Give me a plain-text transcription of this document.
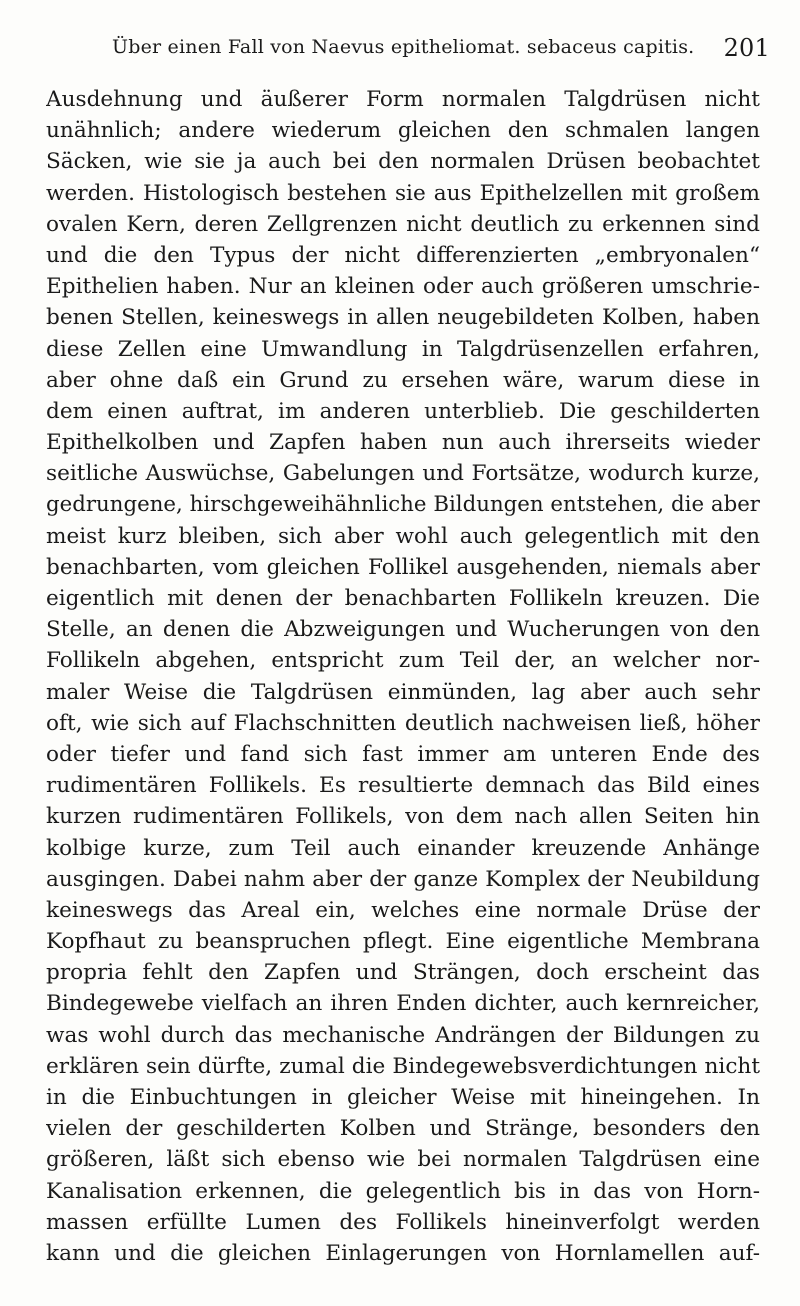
Über einen Fall von Naevus epitheliomat. sebaceus capitis. 201
Ausdehnung und äußerer Form normalen Talgdrüsen nicht
unähnlich; andere wiederum gleichen den schmalen langen
Säcken, wie sie ja auch bei den normalen Drüsen beobachtet
werden. Histologisch bestehen sie aus Epithelzellen mit großem
ovalen Kern, deren Zellgrenzen nicht deutlich zu erkennen sind
und die den Typus der nicht differenzierten „embryonalen“
Epithelien haben. Nur an kleinen oder auch größeren umschrie-
benen Stellen, keineswegs in allen neugebildeten Kolben, haben
diese Zellen eine Umwandlung in Talgdrüsenzellen erfahren,
aber ohne daß ein Grund zu ersehen wäre, warum diese in
dem einen auftrat, im anderen unterblieb. Die geschilderten
Epithelkolben und Zapfen haben nun auch ihrerseits wieder
seitliche Auswüchse, Gabelungen und Fortsätze, wodurch kurze,
gedrungene, hirschgeweihähnliche Bildungen entstehen, die aber
meist kurz bleiben, sich aber wohl auch gelegentlich mit den
benachbarten, vom gleichen Follikel ausgehenden, niemals aber
eigentlich mit denen der benachbarten Follikeln kreuzen. Die
Stelle, an denen die Abzweigungen und Wucherungen von den
Follikeln abgehen, entspricht zum Teil der, an welcher nor-
maler Weise die Talgdrüsen einmünden, lag aber auch sehr
oft, wie sich auf Flachschnitten deutlich nachweisen ließ, höher
oder tiefer und fand sich fast immer am unteren Ende des
rudimentären Follikels. Es resultierte demnach das Bild eines
kurzen rudimentären Follikels, von dem nach allen Seiten hin
kolbige kurze, zum Teil auch einander kreuzende Anhänge
ausgingen. Dabei nahm aber der ganze Komplex der Neubildung
keineswegs das Areal ein, welches eine normale Drüse der
Kopfhaut zu beanspruchen pflegt. Eine eigentliche Membrana
propria fehlt den Zapfen und Strängen, doch erscheint das
Bindegewebe vielfach an ihren Enden dichter, auch kernreicher,
was wohl durch das mechanische Andrängen der Bildungen zu
erklären sein dürfte, zumal die Bindegewebsverdichtungen nicht
in die Einbuchtungen in gleicher Weise mit hineingehen. In
vielen der geschilderten Kolben und Stränge, besonders den
größeren, läßt sich ebenso wie bei normalen Talgdrüsen eine
Kanalisation erkennen, die gelegentlich bis in das von Horn-
massen erfüllte Lumen des Follikels hineinverfolgt werden
kann und die gleichen Einlagerungen von Hornlamellen auf-
